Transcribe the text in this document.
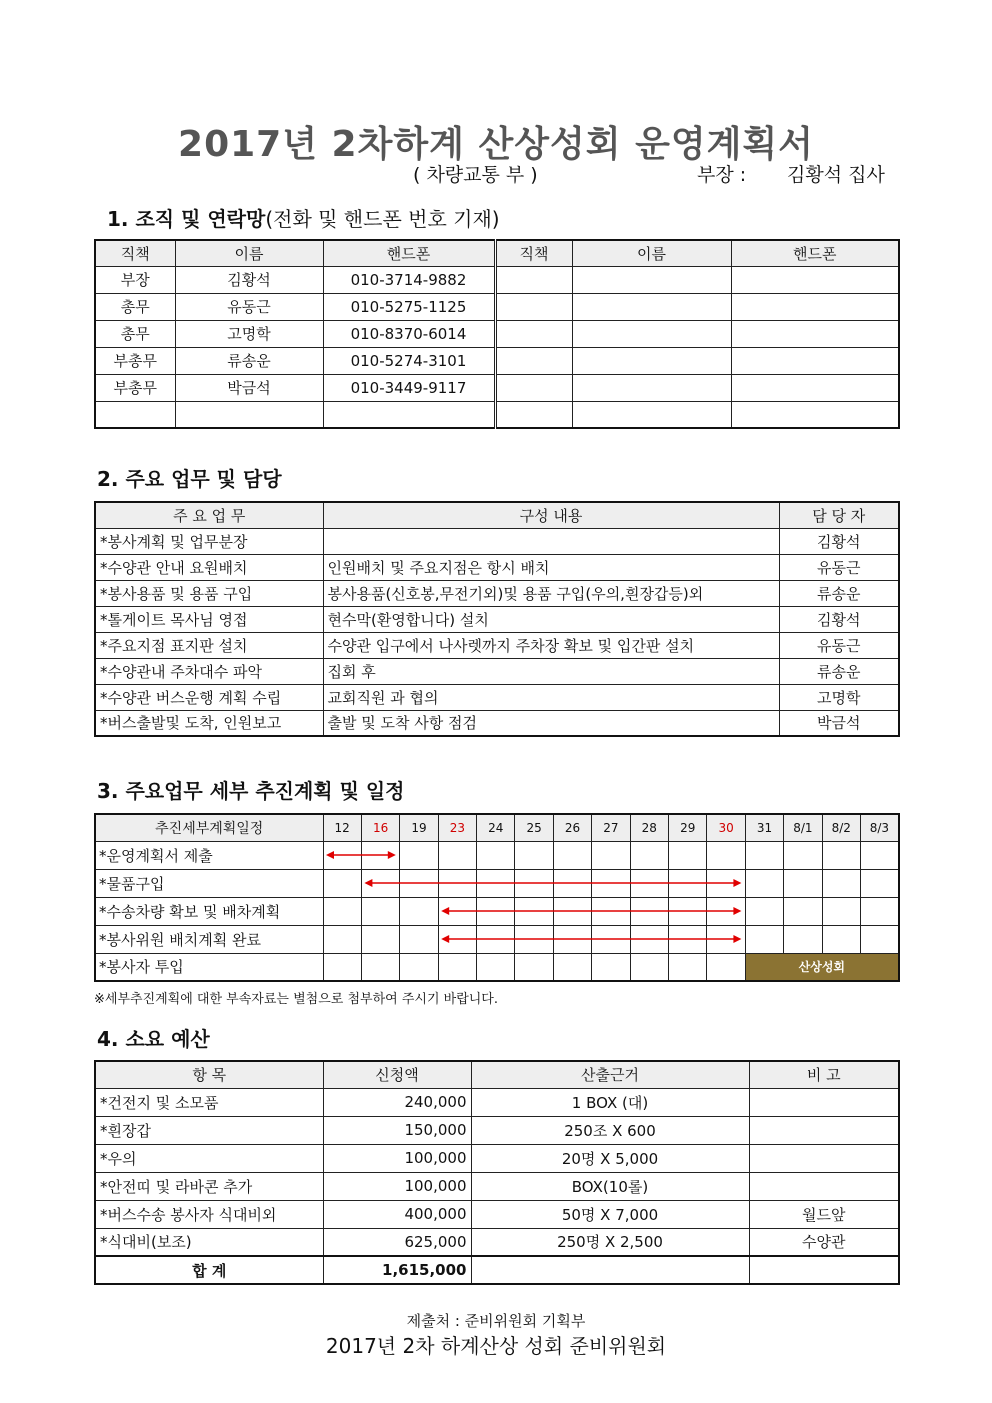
2017년 2차하계 산상성회 운영계획서
( 차량교통 부 )	부장 : 김황석 집사
1. 조직 및 연락망(전화 및 핸드폰 번호 기재)
직책	이름	핸드폰	직책	이름	핸드폰
부장	김황석	010-3714-9882			
총무	유동근	010-5275-1125			
총무	고명학	010-8370-6014			
부총무	류송운	010-5274-3101			
부총무	박금석	010-3449-9117			

2. 주요 업무 및 담당
주 요 업 무	구성 내용	담 당 자
*봉사계획 및 업무분장		김황석
*수양관 안내 요원배치	인원배치 및 주요지점은 항시 배치	유동근
*봉사용품 및 용품 구입	봉사용품(신호봉,무전기외)및 용품 구입(우의,흰장갑등)외	류송운
*톨게이트 목사님 영접	현수막(환영합니다) 설치	김황석
*주요지점 표지판 설치	수양관 입구에서 나사렛까지 주차장 확보 및 입간판 설치	유동근
*수양관내 주차대수 파악	집회 후	류송운
*수양관 버스운행 계획 수립	교회직원 과 협의	고명학
*버스출발및 도착, 인원보고	출발 및 도착 사항 점검	박금석
3. 주요업무 세부 추진계획 및 일정
추진세부계획일정	12	16	19	23	24	25	26	27	28	29	30	31	8/1	8/2	8/3
*운영계획서 제출															
*물품구입															
*수송차량 확보 및 배차계획															
*봉사위원 배치계획 완료															
*봉사자 투입												산상성회			
※세부추진계획에 대한 부속자료는 별첨으로 첨부하여 주시기 바랍니다.
4. 소요 예산
항 목	신청액	산출근거	비 고
*건전지 및 소모품	240,000	1 BOX (대)	
*흰장갑	150,000	250조 X 600	
*우의	100,000	20명 X 5,000	
*안전띠 및 라바콘 추가	100,000	BOX(10롤)	
*버스수송 봉사자 식대비외	400,000	50명 X 7,000	월드앞
*식대비(보조)	625,000	250명 X 2,500	수양관
합 계	1,615,000		
제출처 : 준비위원회 기획부
2017년 2차 하계산상 성회 준비위원회
